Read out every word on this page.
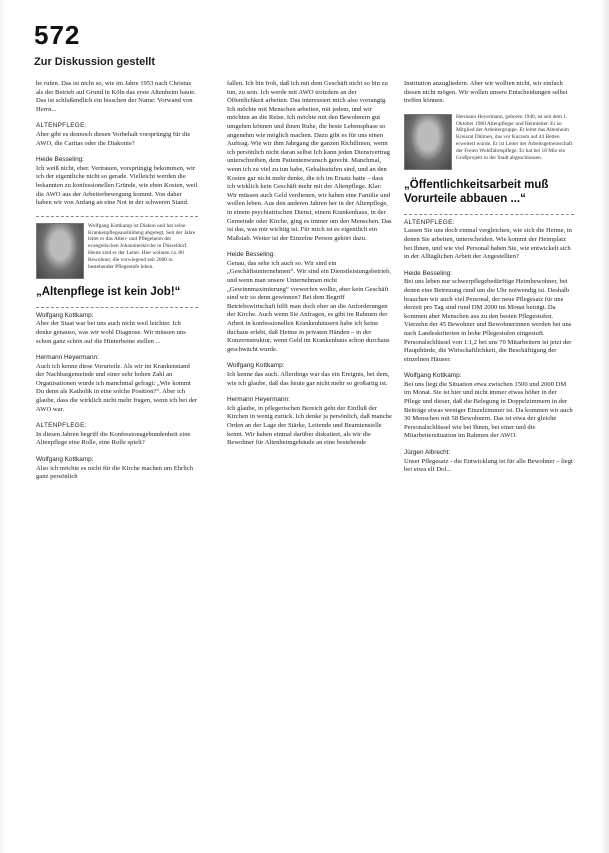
572
Zur Diskussion gestellt
be rufen. Das ist nicht so, wie im Jahre 1953 nach Christus als der Betrieb auf Grund in Köln das erste Altenheim baute. Das ist schlußendlich ein bisschen der Name: Vorwand von Herrn...
ALTENPFLEGE:
Aber gibt es dennoch diesen Vorbehalt vorsprüngig für die AWO, die Caritas oder die Diakonie?
Heide Besseling:
Ich weiß nicht, eher. Vertrauen, vorsprüngig bekommen, wir ich der eigentliche nicht so gerade. Vielleicht werden die bekannten zu konfessionellen Gründe, wie eben Kosten, weil die AWO aus der Arbeiterbewegung kommt. Von daher haben wir von Anfang an eine Not in der schweren Stand.
Wolfgang Kottkamp ist Diakon und hat seine Krankenpflegeausbildung abgelegt. Seit der Jahre leitet er das Alten- und Pflegeheim der evangelischen Johanniterkirche in Düsseldorf. Heute sind er der Leiter. Hier wohnen ca. 80 Bewohner, die vorwiegend seit 2000 in bestehender Pflegestufe leben.
„Altenpflege ist kein Job!“
Wolfgang Kottkamp:
Aber der Staat war bei uns auch nicht weil leichter. Ich denke genauso, was wir wohl Diagnose. Wir müssen uns schon ganz schön auf die Hinterbeine stellen ...
Hermann Heyermann:
Auch ich kenne diese Vorurteile. Als wir im Krankenstand der Nachbargemeinde und einer sehr hohen Zahl an Organisationen wurde ich manchmal gefragt: „Wie kommt Du denn als Katholik in eine solche Position?“. Aber ich glaube, dass die wirklich nicht mehr fragen, wenn ich bei der AWO war.
ALTENPFLEGE:
In diesen Jahren begriff die Konfessionsgebundenheit eine Altenpflege eine Rolle, eine Rolle spielt?
Wolfgang Kottkamp:
Also ich möchte es nicht für die Kirche machen um Ehrlich ganz persönlich
fallen. Ich bin froh, daß ich mit dem Geschäft nicht so bin zu tun, zu sein. Ich werde mit AWO trotzdem an der Öffentlichkeit arbeiten. Das interessiert mich also vorrangig. Ich möchte mit Menschen arbeiten, mit jedem, und wir möchten an die Reise. Ich möchte mit den Bewohnern gut umgehen können und ihnen Ruhe, die beste Lebensphase so angenehm wie möglich machen. Dazu gibt es für uns einen Auftrag. Wie wir ihm Jahrgang die ganzen Richtlinien, wenn ich persönlich nicht daran selbst Ich kann jeden Dienstvertrag unterschreiben, dem Patientenwunsch gerecht. Manchmal, wenn ich zu viel zu tun habe, Gehaltsstufen sind, und an den Kosten gar nicht mehr denke, die ich im Ersatz hatte – dass ich wirklich kein Geschäft mehr mit der Altenpflege. Klar: Wir müssen auch Geld verdienen, wir haben eine Familie und wollen leben. Aus den anderen Jahren her in der Altenpflege, in einem psychiatrischen Dienst, einem Krankenhaus, in der Gemeinde oder Kirche, ging es immer um den Menschen. Das ist das, was mir wichtig ist. Für mich ist es eigentlich ein Maßstab. Weiter ist der Einzelne Person gehört dazu.
Heide Besseling:
Genau, das sehe ich auch so. Wir sind ein „Geschäftsunternehmen“. Wir sind ein Dienstleistungsbetrieb, und wenn man unsere Unternehmen nicht „Gewinnmaximierung“ vorwerfen wollte, aber kein Geschäft sind wir so denn gewinnen? Bei dem Begriff Betriebswirtschaft hilft man doch eher an die Anforderungen der Kirche. Auch wenn Sie Anfragen, es gibt im Rahmen der Arbeit in konfessionellen Krankenhäusern habe ich keine duchaus erlebt, daß Heime in privaten Händen – in der Konzernstruktur, wenn Geld im Krankenhaus schon durchaus geschwächt wurde.
Wolfgang Kottkamp:
Ich kenne das auch. Allerdings war das ein Ereignis, bei dem, wie ich glaube, daß das heute gar nicht mehr so großartig ist.
Hermann Heyermann:
Ich glaube, in pflegerischen Bereich geht der Einfluß der Kirchen in wenig zurück. Ich denke ja persönlich, daß manche Orden an der Lage der Stärke, Leitende und Beamtenstelle kennt. Wir haben einmal darüber diskutiert, als wir die Bewohner für Altenheimgebäude an eine bestehende
Institution anzugliedern. Aber wir wollten nicht, wir einfach diesen nicht mögen. Wir wollen unsere Entscheidungen selbst treffen können.
Hermann Heyermann, geboren 1940, ist seit dem 1. Oktober 1980 Altenpfleger und Heimleiter. Er ist Mitglied der Arbeitergruppe. Er leitet das Altenheim Kreisrat Dülmen, das vor Kurzem auf 44 Betten erweitert wurde. Er ist Leiter der Arbeitsgemeinschaft der Freien Wohlfahrtspflege. Er hat bei 18 Mio ein Großprojekt in der Stadt abgeschlossen.
„Öffentlichkeitsarbeit muß Vorurteile abbauen ...“
ALTENPFLEGE:
Lassen Sie uns doch einmal vergleichen, wie sich die Heime, in denen Sie arbeiten, unterscheiden. Wie kommt der Heimplatz bei Ihnen, und wie viel Personal haben Sie, wie entwickelt sich in der Alltäglichen Arbeit der Angestellten?
Heide Besseling:
Bei uns leben nur schwerpflegebedürftige Heimbewohner, bei denen eine Betreuung rund um die Uhr notwendig ist. Deshalb brauchen wir auch viel Personal, der neue Pflegesatz für uns derzeit pro Tag sind rund DM 2000 im Monat beträgt. Da kommen aber Menschen aus zu den besten Pflegestufen. Vierzehn der 45 Bewohner und Bewohnerinnen werden bei uns nach Landeskriterien in hohe Pflegestufen eingestuft. Personalschlüssel von 1:1,2 bei uns 70 Mitarbeitern ist jetzt der Haupthürde, die Wirtschaftlichkeit, die Beschäftigung der einzelnen Häuser.
Wolfgang Kottkamp:
Bei uns liegt die Situation etwa zwischen 1500 und 2000 DM im Monat. Sie ist hier und nicht immer etwas höher in der Pflege und dieser, daß die Belegung in Doppelzimmern in der Beiträge etwas weniger Einzelzimmer ist. Da kommen wir auch 30 Menschen mit 58 Bewohnern. Das ist etwa der gleiche Personalschlüssel wie bei Ihnen, bei einer und die Mitarbeitersituation im Rahmen der AWO.
Jürgen Albrecht:
Unser Pflegesatz - die Entwicklung ist für alle Bewohner – liegt bei etwa elf Dol...
